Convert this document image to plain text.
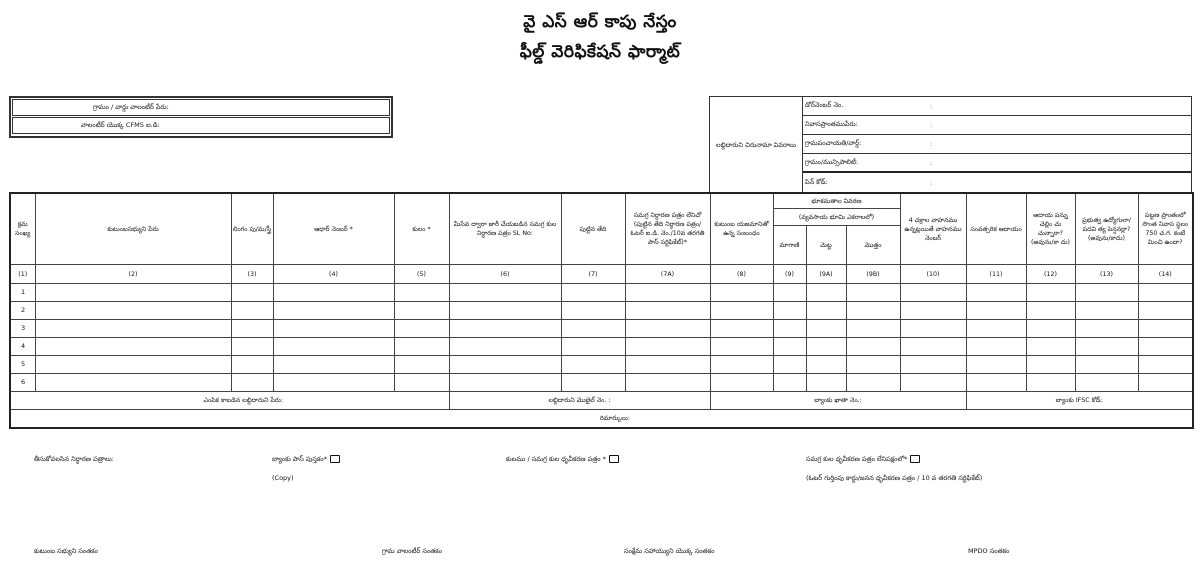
వై ఎస్ ఆర్ కాపు నేస్తం
ఫీల్డ్ వెరిఫికేషన్ ఫార్మాట్
గ్రామం / వార్డు వాలంటీర్ పేరు:
వాలంటీర్ యొక్క CFMS ఐ.డి:
లబ్దిదారుని చిరునామా వివరాలు
డోర్‌నెంబర్ నెం.	:
నివాసప్రాంతముపేరు:	:
గ్రామపంచాయతి/వార్డ్:	:
గ్రామం/మున్సిపాలిటీ:	:
పిన్ కోడ్:	:
క్రమ సంఖ్య	కుటుంబసభ్యుని పేరు	లింగం పు/మ/స్త్రీ	ఆధార్ నెంబర్ *	కులం *	మీసేవ ద్వారా జారీ చేయబడిన సమగ్ర కుల నిర్ధారణ పత్రం SL No:	పుట్టిన తేది	సమగ్ర నిర్ధారణ పత్రం లేనిచో (పుట్టిన తేది నిర్ధారణ పత్రం/ ఓటర్ ఐ.డి. నెం./10వ తరగతి పాస్ సర్టిఫికేట్)*	కుటుంబ యజమానితో ఉన్న సంబంధం	భూకమతాల వివరణ			4 చక్రాల వాహనము ఉన్నట్లయితే వాహనము నెంబర్	సంవత్సరిక ఆదాయం	ఆదాయ పన్ను చెల్లిం చు చున్నారా? (అవును/కా దు)	ప్రభుత్వ ఉద్యోగులా/పదవి త్య పెన్షనర్లా? (అవును/కాదు)	పట్టణ ప్రాంతంలో సొంత నివాస స్థలం 750 చ.గ. కంటే మించి ఉందా?
									(వ్యవసాయ భూమి ఎకరాలలో)							
									మాగాణి	మెట్ట	మొత్తం					
(1)	(2)	(3)	(4)	(5)	(6)	(7)	(7A)	(8)	(9)	(9A)	(9B)	(10)	(11)	(12)	(13)	(14)
1																
2																
3																
4																
5																
6																
ఎంపిక కాబడిన లబ్దిదారుని పేరు:					లబ్దిదారుని మొబైల్ నెం. :			బ్యాంకు ఖాతా నెం.:					బ్యాంకు IFSC కోడ్:			
రిమార్కులు:																
తీసుకోవలసిన నిర్ధారణ పత్రాలు:	బ్యాంకు పాస్ పుస్తకం*
(Copy)
కులము / సమగ్ర కుల ధృవీకరణ పత్రం *	సమగ్ర కుల ధృవీకరణ పత్రం లేనిపక్షంలో*
(ఓటర్ గుర్తింపు కార్డు/జనన ధృవీకరణ పత్రం / 10 వ తరగతి సర్టిఫికేట్)
కుటుంబ సభ్యుని సంతకం	గ్రామ వాలంటీర్ సంతకం	సంక్షేమ సహాయ్యుని యొక్క సంతకం	MPDO సంతకం
